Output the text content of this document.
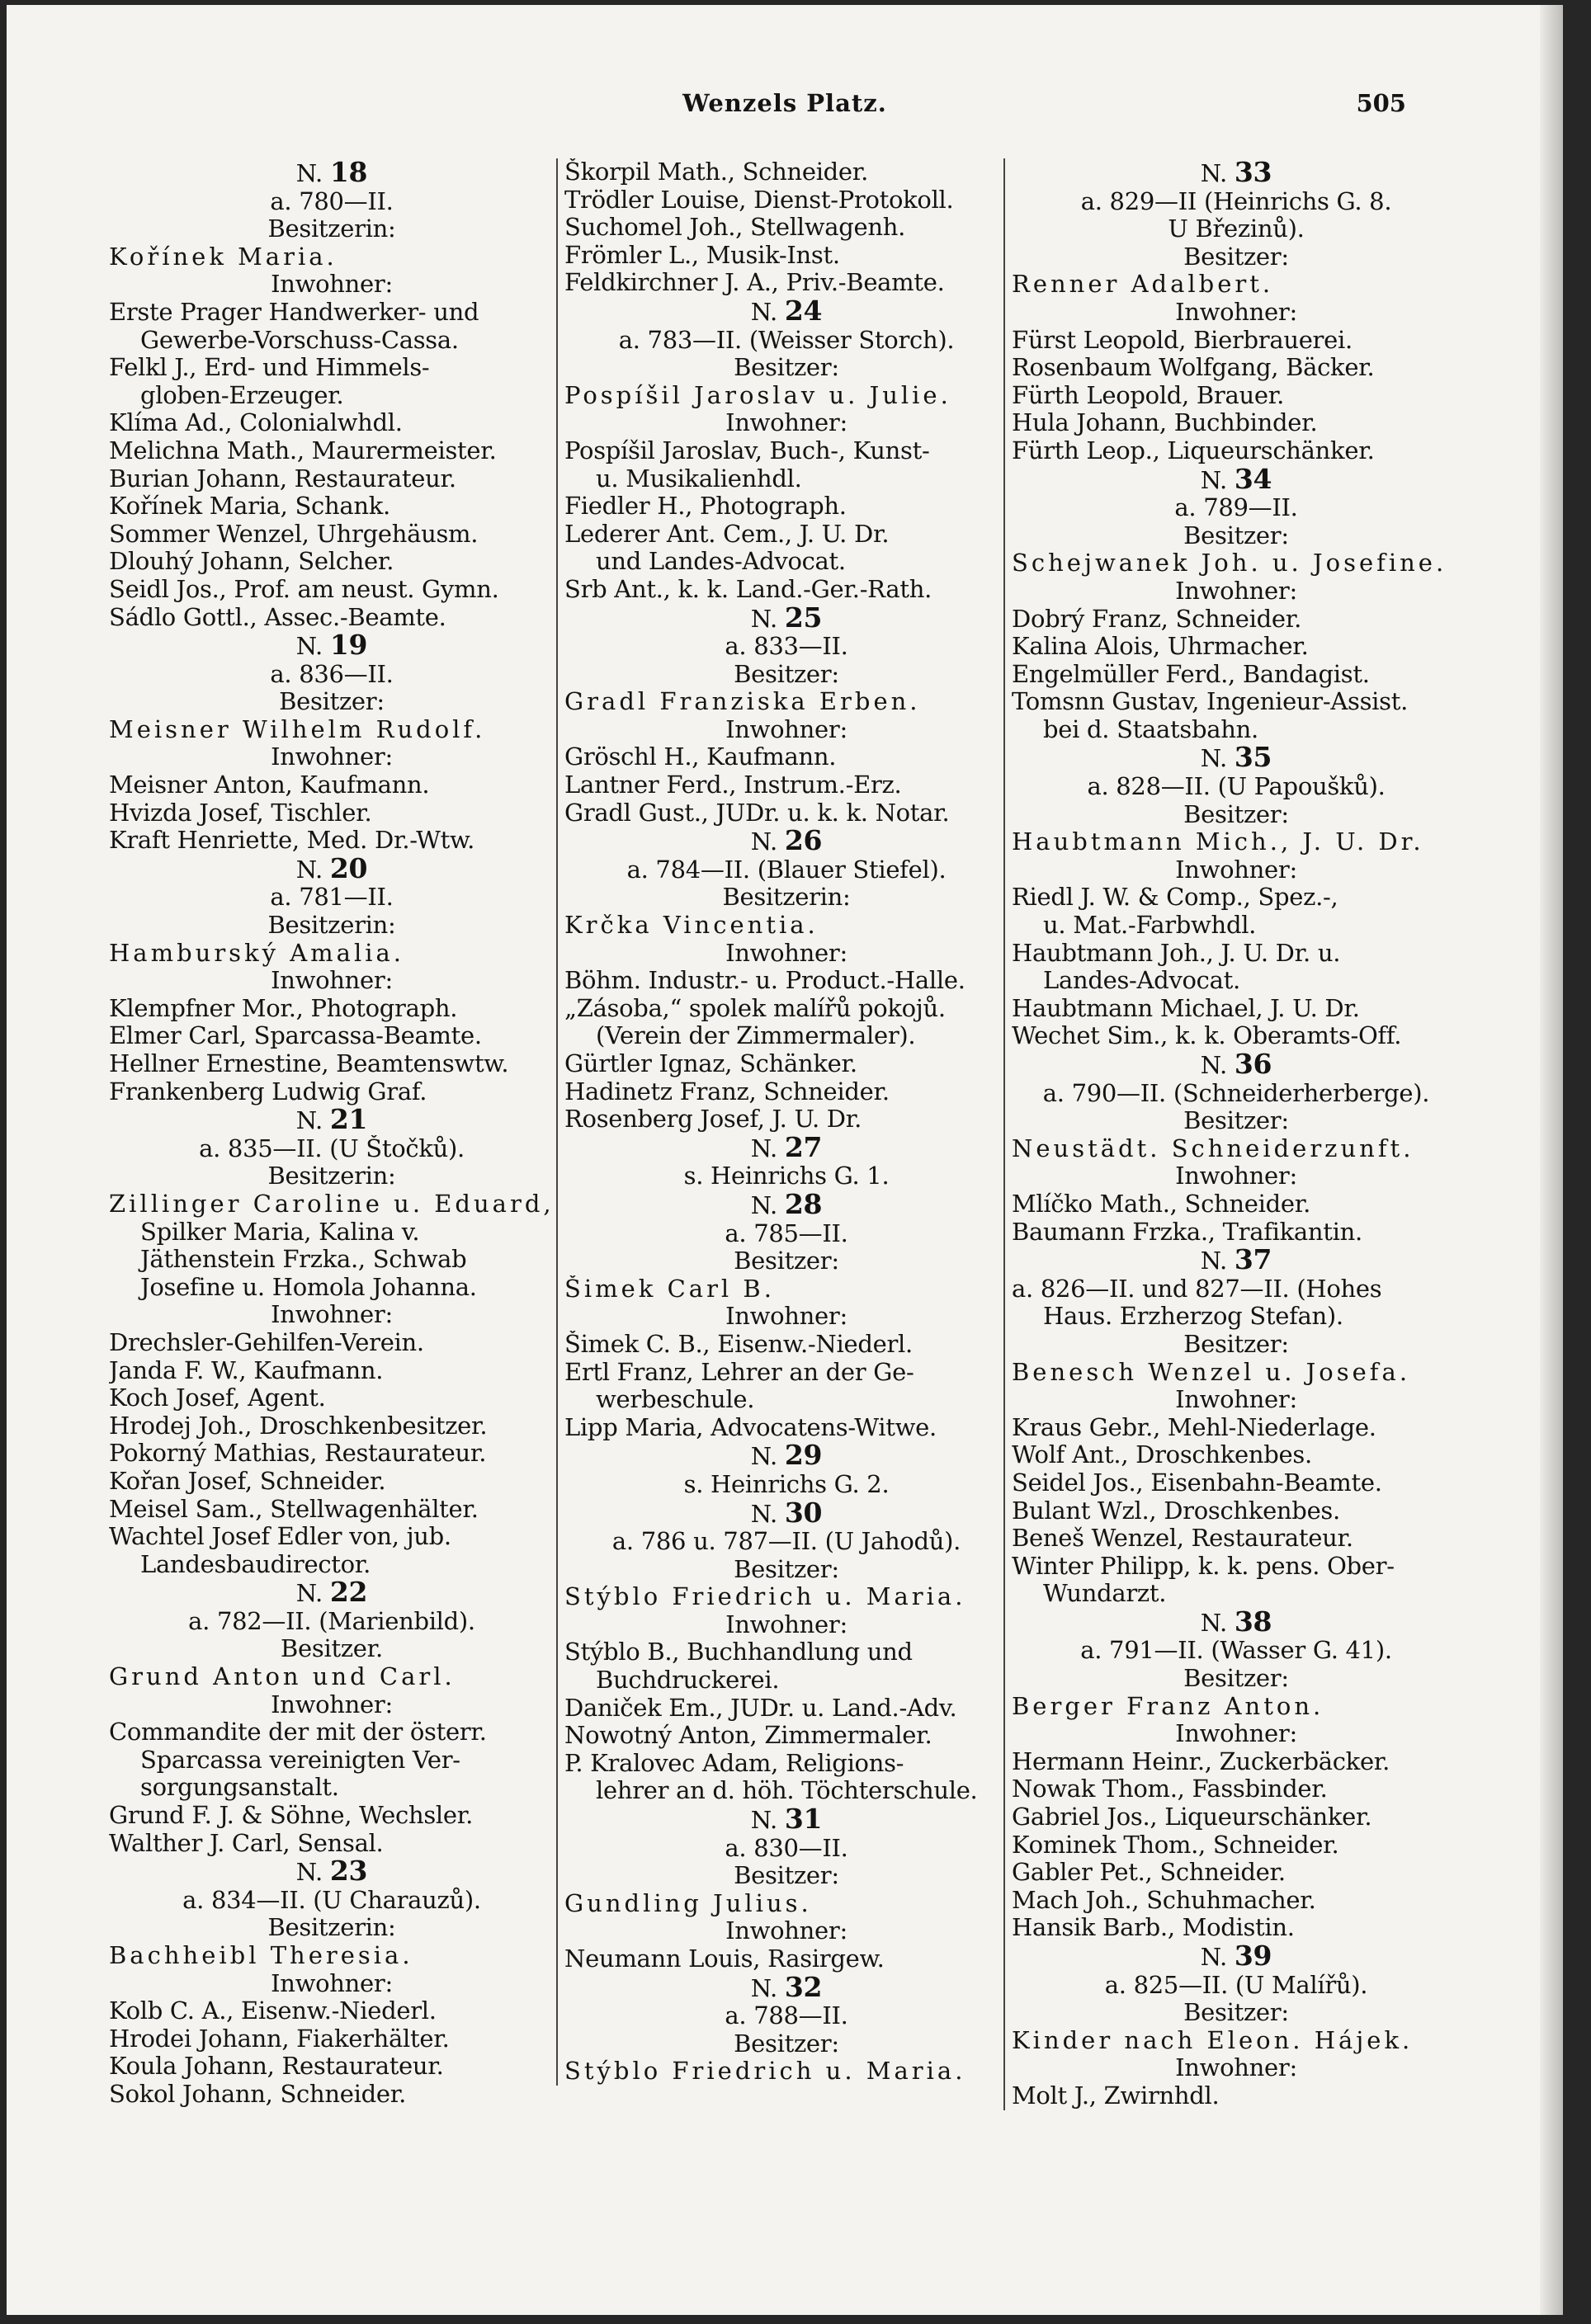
Wenzels Platz.	505
N. 18
a. 780—II.
Besitzerin:
Kořínek Maria.
Inwohner:
Erste Prager Handwerker- und
Gewerbe-Vorschuss-Cassa.
Felkl J., Erd- und Himmels-
globen-Erzeuger.
Klíma Ad., Colonialwhdl.
Melichna Math., Maurermeister.
Burian Johann, Restaurateur.
Kořínek Maria, Schank.
Sommer Wenzel, Uhrgehäusm.
Dlouhý Johann, Selcher.
Seidl Jos., Prof. am neust. Gymn.
Sádlo Gottl., Assec.-Beamte.
N. 19
a. 836—II.
Besitzer:
Meisner Wilhelm Rudolf.
Inwohner:
Meisner Anton, Kaufmann.
Hvizda Josef, Tischler.
Kraft Henriette, Med. Dr.-Wtw.
N. 20
a. 781—II.
Besitzerin:
Hamburský Amalia.
Inwohner:
Klempfner Mor., Photograph.
Elmer Carl, Sparcassa-Beamte.
Hellner Ernestine, Beamtenswtw.
Frankenberg Ludwig Graf.
N. 21
a. 835—II. (U Štočků).
Besitzerin:
Zillinger Caroline u. Eduard,
Spilker Maria, Kalina v.
Jäthenstein Frzka., Schwab
Josefine u. Homola Johanna.
Inwohner:
Drechsler-Gehilfen-Verein.
Janda F. W., Kaufmann.
Koch Josef, Agent.
Hrodej Joh., Droschkenbesitzer.
Pokorný Mathias, Restaurateur.
Kořan Josef, Schneider.
Meisel Sam., Stellwagenhälter.
Wachtel Josef Edler von, jub.
Landesbaudirector.
N. 22
a. 782—II. (Marienbild).
Besitzer.
Grund Anton und Carl.
Inwohner:
Commandite der mit der österr.
Sparcassa vereinigten Ver-
sorgungsanstalt.
Grund F. J. & Söhne, Wechsler.
Walther J. Carl, Sensal.
N. 23
a. 834—II. (U Charauzů).
Besitzerin:
Bachheibl Theresia.
Inwohner:
Kolb C. A., Eisenw.-Niederl.
Hrodei Johann, Fiakerhälter.
Koula Johann, Restaurateur.
Sokol Johann, Schneider.
Škorpil Math., Schneider.
Trödler Louise, Dienst-Protokoll.
Suchomel Joh., Stellwagenh.
Frömler L., Musik-Inst.
Feldkirchner J. A., Priv.-Beamte.
N. 24
a. 783—II. (Weisser Storch).
Besitzer:
Pospíšil Jaroslav u. Julie.
Inwohner:
Pospíšil Jaroslav, Buch-, Kunst-
u. Musikalienhdl.
Fiedler H., Photograph.
Lederer Ant. Cem., J. U. Dr.
und Landes-Advocat.
Srb Ant., k. k. Land.-Ger.-Rath.
N. 25
a. 833—II.
Besitzer:
Gradl Franziska Erben.
Inwohner:
Gröschl H., Kaufmann.
Lantner Ferd., Instrum.-Erz.
Gradl Gust., JUDr. u. k. k. Notar.
N. 26
a. 784—II. (Blauer Stiefel).
Besitzerin:
Krčka Vincentia.
Inwohner:
Böhm. Industr.- u. Product.-Halle.
„Zásoba,“ spolek malířů pokojů.
(Verein der Zimmermaler).
Gürtler Ignaz, Schänker.
Hadinetz Franz, Schneider.
Rosenberg Josef, J. U. Dr.
N. 27
s. Heinrichs G. 1.
N. 28
a. 785—II.
Besitzer:
Šimek Carl B.
Inwohner:
Šimek C. B., Eisenw.-Niederl.
Ertl Franz, Lehrer an der Ge-
werbeschule.
Lipp Maria, Advocatens-Witwe.
N. 29
s. Heinrichs G. 2.
N. 30
a. 786 u. 787—II. (U Jahodů).
Besitzer:
Stýblo Friedrich u. Maria.
Inwohner:
Stýblo B., Buchhandlung und
Buchdruckerei.
Daniček Em., JUDr. u. Land.-Adv.
Nowotný Anton, Zimmermaler.
P. Kralovec Adam, Religions-
lehrer an d. höh. Töchterschule.
N. 31
a. 830—II.
Besitzer:
Gundling Julius.
Inwohner:
Neumann Louis, Rasirgew.
N. 32
a. 788—II.
Besitzer:
Stýblo Friedrich u. Maria.
N. 33
a. 829—II (Heinrichs G. 8.
U Březinů).
Besitzer:
Renner Adalbert.
Inwohner:
Fürst Leopold, Bierbrauerei.
Rosenbaum Wolfgang, Bäcker.
Fürth Leopold, Brauer.
Hula Johann, Buchbinder.
Fürth Leop., Liqueurschänker.
N. 34
a. 789—II.
Besitzer:
Schejwanek Joh. u. Josefine.
Inwohner:
Dobrý Franz, Schneider.
Kalina Alois, Uhrmacher.
Engelmüller Ferd., Bandagist.
Tomsnn Gustav, Ingenieur-Assist.
bei d. Staatsbahn.
N. 35
a. 828—II. (U Papoušků).
Besitzer:
Haubtmann Mich., J. U. Dr.
Inwohner:
Riedl J. W. & Comp., Spez.-,
u. Mat.-Farbwhdl.
Haubtmann Joh., J. U. Dr. u.
Landes-Advocat.
Haubtmann Michael, J. U. Dr.
Wechet Sim., k. k. Oberamts-Off.
N. 36
a. 790—II. (Schneiderherberge).
Besitzer:
Neustädt. Schneiderzunft.
Inwohner:
Mlíčko Math., Schneider.
Baumann Frzka., Trafikantin.
N. 37
a. 826—II. und 827—II. (Hohes
Haus. Erzherzog Stefan).
Besitzer:
Benesch Wenzel u. Josefa.
Inwohner:
Kraus Gebr., Mehl-Niederlage.
Wolf Ant., Droschkenbes.
Seidel Jos., Eisenbahn-Beamte.
Bulant Wzl., Droschkenbes.
Beneš Wenzel, Restaurateur.
Winter Philipp, k. k. pens. Ober-
Wundarzt.
N. 38
a. 791—II. (Wasser G. 41).
Besitzer:
Berger Franz Anton.
Inwohner:
Hermann Heinr., Zuckerbäcker.
Nowak Thom., Fassbinder.
Gabriel Jos., Liqueurschänker.
Kominek Thom., Schneider.
Gabler Pet., Schneider.
Mach Joh., Schuhmacher.
Hansik Barb., Modistin.
N. 39
a. 825—II. (U Malířů).
Besitzer:
Kinder nach Eleon. Hájek.
Inwohner:
Molt J., Zwirnhdl.
